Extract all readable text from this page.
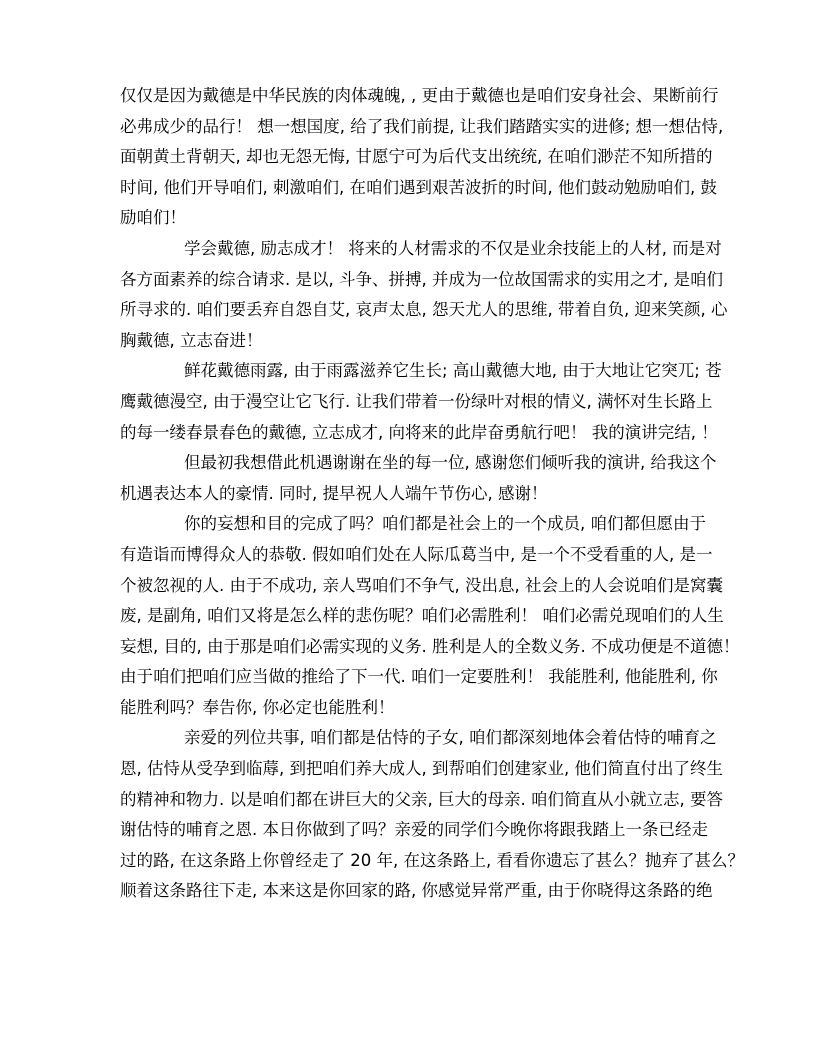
仅仅是因为戴德是中华民族的肉体魂魄, , 更由于戴德也是咱们安身社会、果断前行
必弗成少的品行！ 想一想国度, 给了我们前提, 让我们踏踏实实的进修; 想一想估恃,
面朝黄土背朝天, 却也无怨无悔, 甘愿宁可为后代支出统统, 在咱们渺茫不知所措的
时间, 他们开导咱们, 刺激咱们, 在咱们遇到艰苦波折的时间, 他们鼓动勉励咱们, 鼓
励咱们！
学会戴德, 励志成才！ 将来的人材需求的不仅是业余技能上的人材, 而是对
各方面素养的综合请求. 是以, 斗争、拼搏, 并成为一位故国需求的实用之才, 是咱们
所寻求的. 咱们要丢弃自怨自艾, 哀声太息, 怨天尤人的思维, 带着自负, 迎来笑颜, 心
胸戴德, 立志奋进！
鲜花戴德雨露, 由于雨露滋养它生长; 高山戴德大地, 由于大地让它突兀; 苍
鹰戴德漫空, 由于漫空让它飞行. 让我们带着一份绿叶对根的情义, 满怀对生长路上
的每一缕春景春色的戴德, 立志成才, 向将来的此岸奋勇航行吧！ 我的演讲完结, ！
但最初我想借此机遇谢谢在坐的每一位, 感谢您们倾听我的演讲, 给我这个
机遇表达本人的豪情. 同时, 提早祝人人端午节伤心, 感谢！
你的妄想和目的完成了吗？咱们都是社会上的一个成员, 咱们都但愿由于
有造诣而博得众人的恭敬. 假如咱们处在人际瓜葛当中, 是一个不受看重的人, 是一
个被忽视的人. 由于不成功, 亲人骂咱们不争气, 没出息, 社会上的人会说咱们是窝囊
废, 是副角, 咱们又将是怎么样的悲伤呢？咱们必需胜利！ 咱们必需兑现咱们的人生
妄想, 目的, 由于那是咱们必需实现的义务. 胜利是人的全数义务. 不成功便是不道德！
由于咱们把咱们应当做的推给了下一代. 咱们一定要胜利！ 我能胜利, 他能胜利, 你
能胜利吗？奉告你, 你必定也能胜利！
亲爱的列位共事, 咱们都是估恃的子女, 咱们都深刻地体会着估恃的哺育之
恩, 估恃从受孕到临蓐, 到把咱们养大成人, 到帮咱们创建家业, 他们简直付出了终生
的精神和物力. 以是咱们都在讲巨大的父亲, 巨大的母亲. 咱们简直从小就立志, 要答
谢估恃的哺育之恩. 本日你做到了吗？亲爱的同学们今晚你将跟我踏上一条已经走
过的路, 在这条路上你曾经走了 20 年, 在这条路上, 看看你遗忘了甚么？抛弃了甚么？
顺着这条路往下走, 本来这是你回家的路, 你感觉异常严重, 由于你晓得这条路的绝
